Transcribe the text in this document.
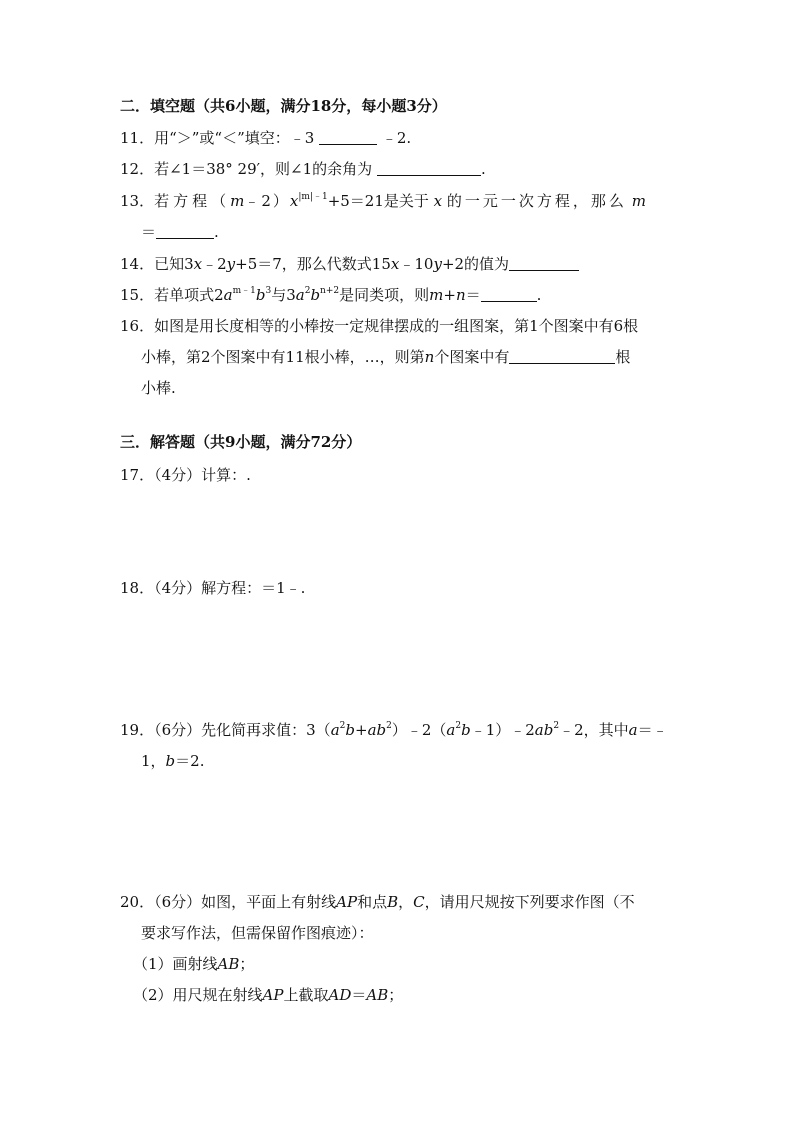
二．填空题（共6小题，满分18分，每小题3分）
11．用“＞”或“＜”填空：﹣3	﹣2.
12．若∠1＝38° 29′，则∠1的余角为	.
13．若方程$(m﹣2)x^{|m|﹣1}+5=21$是关于 x 的一元一次方程，那么 m
＝	.
14．已知3x﹣2y+5＝7，那么代数式15x﹣10y+2的值为
15．若单项式$2a^{m﹣1}b^3$与$3a^2b^{n+2}$是同类项，则m+n＝	.
16．如图是用长度相等的小棒按一定规律摆成的一组图案，第1个图案中有6根
小棒，第2个图案中有11根小棒，…，则第n个图案中有	根
小棒.
三．解答题（共9小题，满分72分）
17．（4分）计算：.
18．（4分）解方程：＝1﹣.
19．（6分）先化简再求值：$3(a^2b+ab^2)﹣2(a^2b﹣1)﹣2ab^2﹣2$，其中a＝﹣
1，b＝2.
20．（6分）如图，平面上有射线AP和点B，C，请用尺规按下列要求作图（不
要求写作法，但需保留作图痕迹）：
（1）画射线AB；
（2）用尺规在射线AP上截取AD＝AB；
